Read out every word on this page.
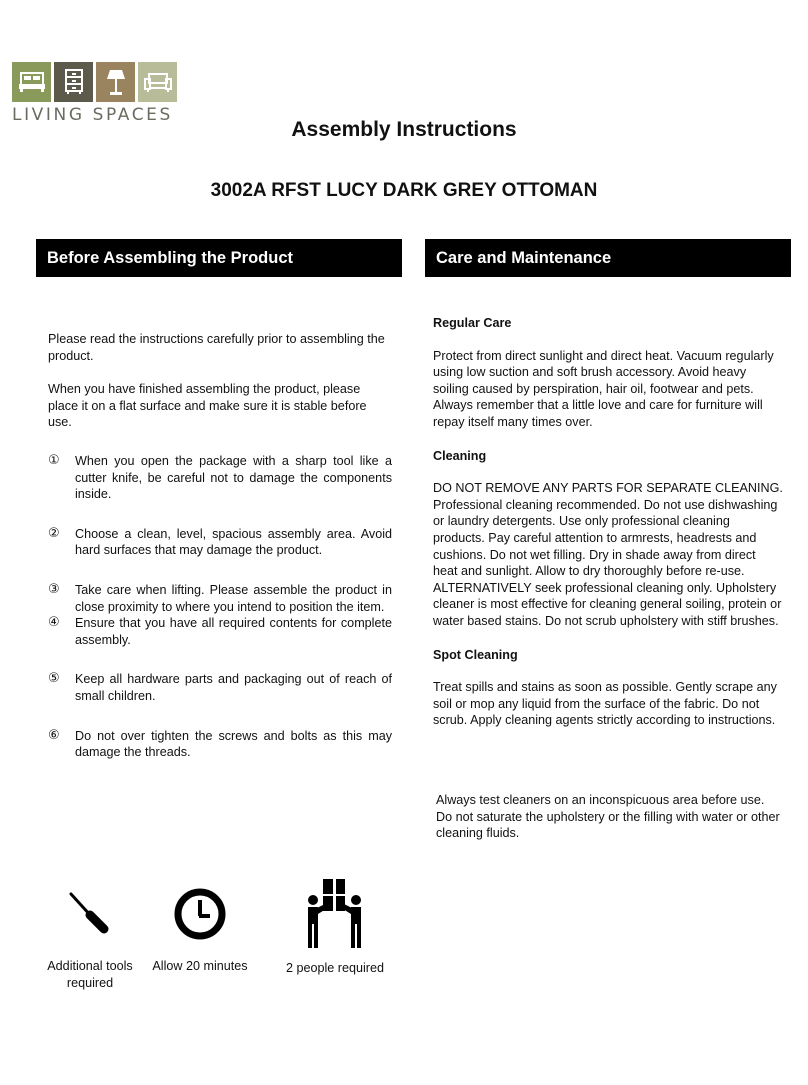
LIVING SPACES
Assembly Instructions
3002A RFST LUCY DARK GREY OTTOMAN
Before Assembling the Product	Care and Maintenance

Please read the instructions carefully prior to assembling the product.

When you have finished assembling the product, please place it on a flat surface and make sure it is stable before use.

①	When you open the package with a sharp tool like a cutter knife, be careful not to damage the components inside.
②	Choose a clean, level, spacious assembly area. Avoid hard surfaces that may damage the product.
③	Take care when lifting. Please assemble the product in close proximity to where you intend to position the item.
④	Ensure that you have all required contents for complete assembly.
⑤	Keep all hardware parts and packaging out of reach of small children.
⑥	Do not over tighten the screws and bolts as this may damage the threads.
Regular Care

Protect from direct sunlight and direct heat. Vacuum regularly using low suction and soft brush accessory. Avoid heavy soiling caused by perspiration, hair oil, footwear and pets. Always remember that a little love and care for furniture will repay itself many times over.

Cleaning

DO NOT REMOVE ANY PARTS FOR SEPARATE CLEANING. Professional cleaning recommended. Do not use dishwashing or laundry detergents. Use only professional cleaning products. Pay careful attention to armrests, headrests and cushions. Do not wet filling. Dry in shade away from direct heat and sunlight. Allow to dry thoroughly before re-use. ALTERNATIVELY seek professional cleaning only. Upholstery cleaner is most effective for cleaning general soiling, protein or water based stains. Do not scrub upholstery with stiff brushes.

Spot Cleaning

Treat spills and stains as soon as possible. Gently scrape any soil or mop any liquid from the surface of the fabric. Do not scrub. Apply cleaning agents strictly according to instructions.

Always test cleaners on an inconspicuous area before use. Do not saturate the upholstery or the filling with water or other cleaning fluids.

Additional tools required
Allow 20 minutes	2 people required
